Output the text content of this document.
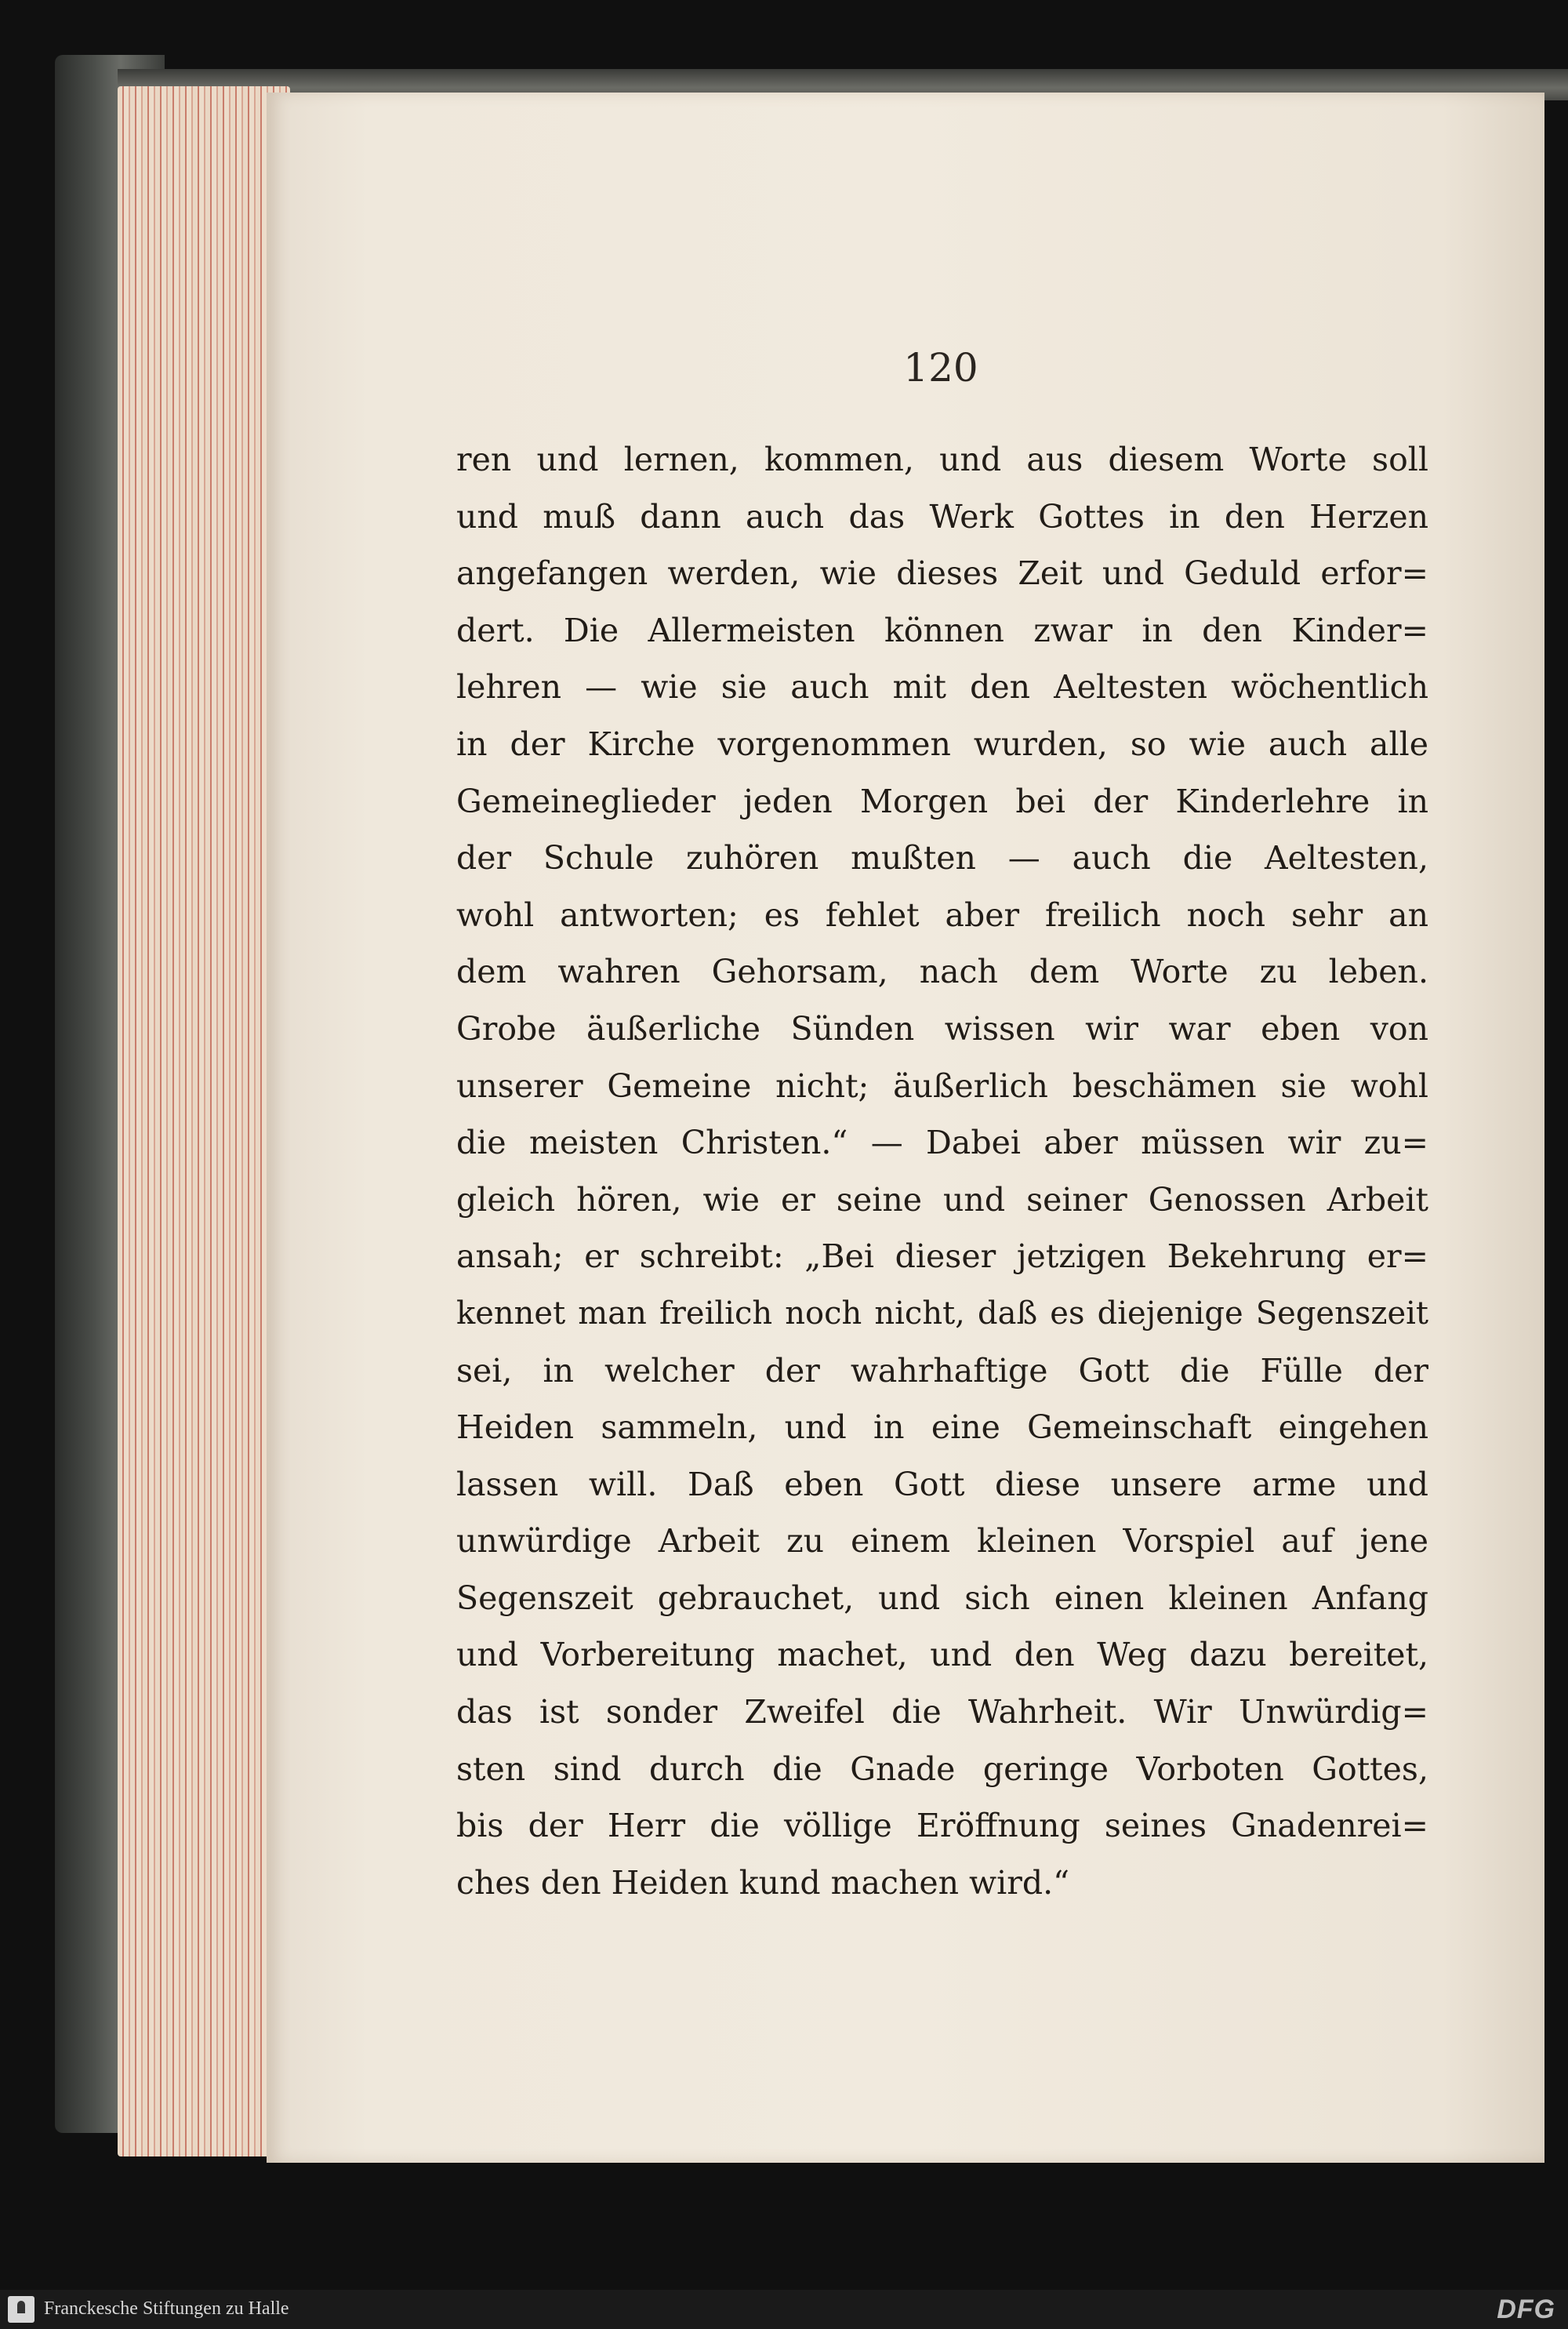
120
ren und lernen, kommen, und aus diesem Worte soll
und muß dann auch das Werk Gottes in den Herzen
angefangen werden, wie dieses Zeit und Geduld erfor=
dert. Die Allermeisten können zwar in den Kinder=
lehren — wie sie auch mit den Aeltesten wöchentlich
in der Kirche vorgenommen wurden, so wie auch alle
Gemeineglieder jeden Morgen bei der Kinderlehre in
der Schule zuhören mußten — auch die Aeltesten,
wohl antworten; es fehlet aber freilich noch sehr an
dem wahren Gehorsam, nach dem Worte zu leben.
Grobe äußerliche Sünden wissen wir war eben von
unserer Gemeine nicht; äußerlich beschämen sie wohl
die meisten Christen.“ — Dabei aber müssen wir zu=
gleich hören, wie er seine und seiner Genossen Arbeit
ansah; er schreibt: „Bei dieser jetzigen Bekehrung er=
kennet man freilich noch nicht, daß es diejenige Segenszeit
sei, in welcher der wahrhaftige Gott die Fülle der
Heiden sammeln, und in eine Gemeinschaft eingehen
lassen will. Daß eben Gott diese unsere arme und
unwürdige Arbeit zu einem kleinen Vorspiel auf jene
Segenszeit gebrauchet, und sich einen kleinen Anfang
und Vorbereitung machet, und den Weg dazu bereitet,
das ist sonder Zweifel die Wahrheit. Wir Unwürdig=
sten sind durch die Gnade geringe Vorboten Gottes,
bis der Herr die völlige Eröffnung seines Gnadenrei=
ches den Heiden kund machen wird.“
Franckesche Stiftungen zu Halle	DFG
